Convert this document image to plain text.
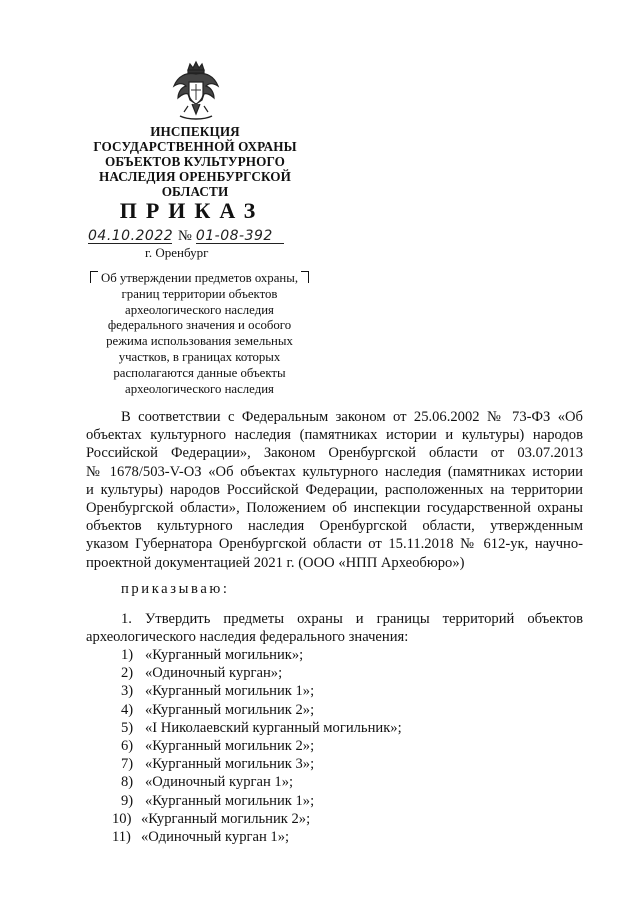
ИНСПЕКЦИЯ
ГОСУДАРСТВЕННОЙ ОХРАНЫ
ОБЪЕКТОВ КУЛЬТУРНОГО
НАСЛЕДИЯ ОРЕНБУРГСКОЙ
ОБЛАСТИ
ПРИКАЗ
04.10.2022 № 01-08-392
г. Оренбург
Об утверждении предметов охраны,
границ территории объектов
археологического наследия
федерального значения и особого
режима использования земельных
участков, в границах которых
располагаются данные объекты
археологического наследия
В соответствии с Федеральным законом от 25.06.2002 № 73-ФЗ «Об
объектах культурного наследия (памятниках истории и культуры) народов
Российской Федерации», Законом Оренбургской области от 03.07.2013
№ 1678/503-V-ОЗ «Об объектах культурного наследия (памятниках истории
и культуры) народов Российской Федерации, расположенных на территории
Оренбургской области», Положением об инспекции государственной охраны
объектов культурного наследия Оренбургской области, утвержденным
указом Губернатора Оренбургской области от 15.11.2018 № 612-ук, научно-
проектной документацией 2021 г. (ООО «НПП Археобюро»)
приказываю:
1. Утвердить предметы охраны и границы территорий объектов
археологического наследия федерального значения:
1) «Курганный могильник»;
2) «Одиночный курган»;
3) «Курганный могильник 1»;
4) «Курганный могильник 2»;
5) «I Николаевский курганный могильник»;
6) «Курганный могильник 2»;
7) «Курганный могильник 3»;
8) «Одиночный курган 1»;
9) «Курганный могильник 1»;
10) «Курганный могильник 2»;
11) «Одиночный курган 1»;
